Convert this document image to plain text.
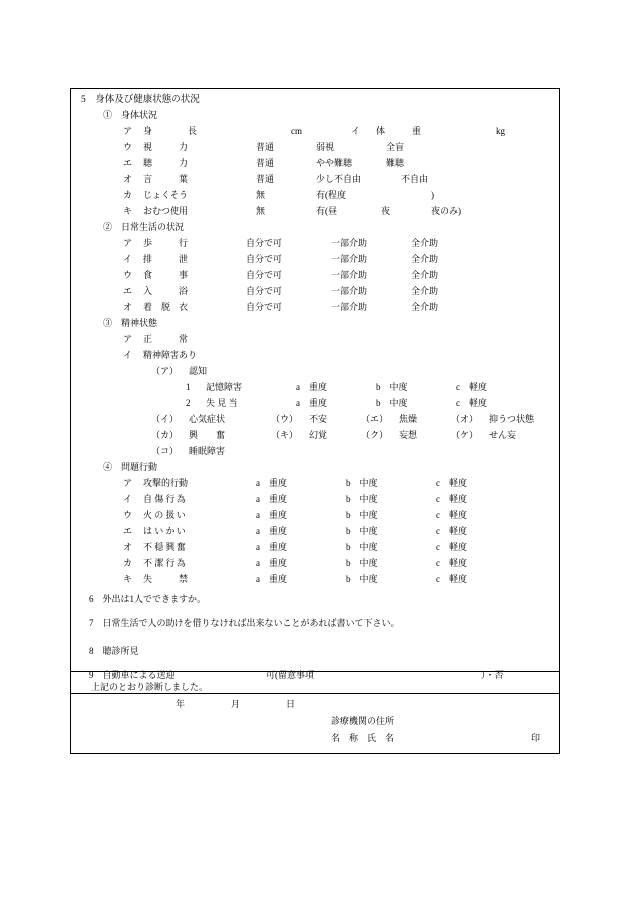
5　身体及び健康状態の状況
①　身体状況
ア 身　　　　長	cm	イ 体　　　重	kg
ウ 視　　　力	普通	弱視	全盲
エ 聴　　　力	普通	やや難聴	難聴
オ 言　　　葉	普通	少し不自由	不自由
カ じょくそう	無	有(程度	)
キ おむつ使用	無	有(昼	夜	夜のみ)
②　日常生活の状況
ア 歩　　　行	自分で可	一部介助	全介助
イ 排　　　泄	自分で可	一部介助	全介助
ウ 食　　　事	自分で可	一部介助	全介助
エ 入　　　浴	自分で可	一部介助	全介助
オ 着　脱　衣	自分で可	一部介助	全介助
③　精神状態
ア 正　　　常
イ 精神障害あり
（ア） 認知
1 記憶障害	a　重度	b　中度	c　軽度
2 失 見 当	a　重度	b　中度	c　軽度
（イ） 心気症状	（ウ） 不安	（エ） 焦燥	（オ） 抑うつ状態
（カ） 興　　奮	（キ） 幻覚	（ク） 妄想	（ケ） せん妄
（コ） 睡眠障害
④　問題行動
ア 攻撃的行動	a　重度	b　中度	c　軽度
イ 自 傷 行 為	a　重度	b　中度	c　軽度
ウ 火 の 扱 い	a　重度	b　中度	c　軽度
エ は い か い	a　重度	b　中度	c　軽度
オ 不 穏 興 奮	a　重度	b　中度	c　軽度
カ 不 潔 行 為	a　重度	b　中度	c　軽度
キ 失　　　禁	a　重度	b　中度	c　軽度
6　外出は1人でできますか。
7　日常生活で人の助けを借りなければ出来ないことがあれば書いて下さい。
8　聴診所見
9　自動車による送迎	可(留意事項	）・否
上記のとおり診断しました。
年	月	日
診療機関の住所
名　称　氏　名	印
